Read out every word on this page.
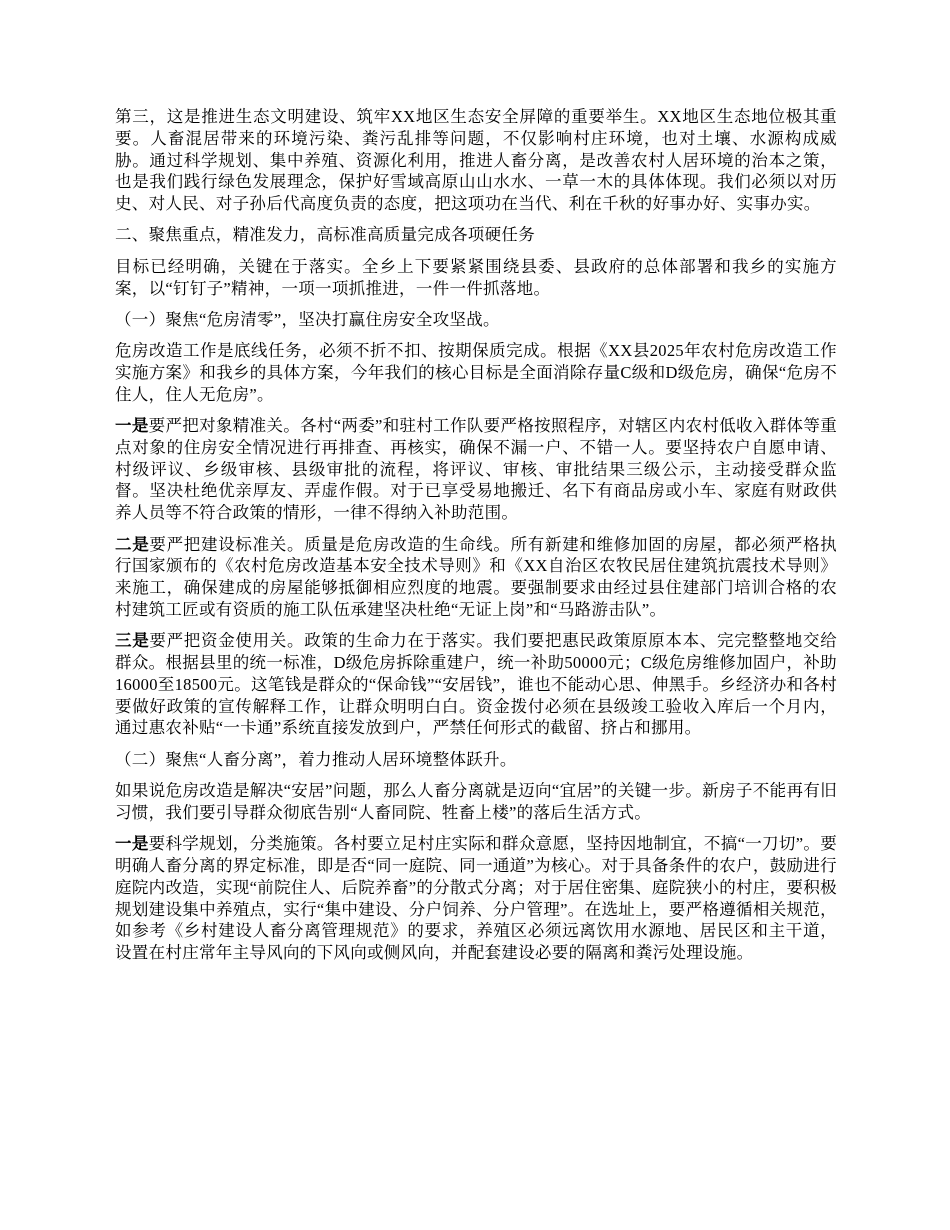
第三，这是推进生态文明建设、筑牢XX地区生态安全屏障的重要举生。XX地区生态地位极其重要。人畜混居带来的环境污染、粪污乱排等问题，不仅影响村庄环境，也对土壤、水源构成威胁。通过科学规划、集中养殖、资源化利用，推进人畜分离，是改善农村人居环境的治本之策，也是我们践行绿色发展理念，保护好雪域高原山山水水、一草一木的具体体现。我们必须以对历史、对人民、对子孙后代高度负责的态度，把这项功在当代、利在千秋的好事办好、实事办实。

二、聚焦重点，精准发力，高标准高质量完成各项硬任务

目标已经明确，关键在于落实。全乡上下要紧紧围绕县委、县政府的总体部署和我乡的实施方案，以“钉钉子”精神，一项一项抓推进，一件一件抓落地。

（一）聚焦“危房清零”，坚决打赢住房安全攻坚战。

危房改造工作是底线任务，必须不折不扣、按期保质完成。根据《XX县2025年农村危房改造工作实施方案》和我乡的具体方案，今年我们的核心目标是全面消除存量C级和D级危房，确保“危房不住人，住人无危房”。

一是要严把对象精准关。各村“两委”和驻村工作队要严格按照程序，对辖区内农村低收入群体等重点对象的住房安全情况进行再排查、再核实，确保不漏一户、不错一人。要坚持农户自愿申请、村级评议、乡级审核、县级审批的流程，将评议、审核、审批结果三级公示，主动接受群众监督。坚决杜绝优亲厚友、弄虚作假。对于已享受易地搬迁、名下有商品房或小车、家庭有财政供养人员等不符合政策的情形，一律不得纳入补助范围。

二是要严把建设标准关。质量是危房改造的生命线。所有新建和维修加固的房屋，都必须严格执行国家颁布的《农村危房改造基本安全技术导则》和《XX自治区农牧民居住建筑抗震技术导则》来施工，确保建成的房屋能够抵御相应烈度的地震。要强制要求由经过县住建部门培训合格的农村建筑工匠或有资质的施工队伍承建坚决杜绝“无证上岗”和“马路游击队”。

三是要严把资金使用关。政策的生命力在于落实。我们要把惠民政策原原本本、完完整整地交给群众。根据县里的统一标准，D级危房拆除重建户，统一补助50000元；C级危房维修加固户，补助16000至18500元。这笔钱是群众的“保命钱”“安居钱”，谁也不能动心思、伸黑手。乡经济办和各村要做好政策的宣传解释工作，让群众明明白白。资金拨付必须在县级竣工验收入库后一个月内，通过惠农补贴“一卡通”系统直接发放到户，严禁任何形式的截留、挤占和挪用。

（二）聚焦“人畜分离”，着力推动人居环境整体跃升。

如果说危房改造是解决“安居”问题，那么人畜分离就是迈向“宜居”的关键一步。新房子不能再有旧习惯，我们要引导群众彻底告别“人畜同院、牲畜上楼”的落后生活方式。

一是要科学规划，分类施策。各村要立足村庄实际和群众意愿，坚持因地制宜，不搞“一刀切”。要明确人畜分离的界定标准，即是否“同一庭院、同一通道”为核心。对于具备条件的农户，鼓励进行庭院内改造，实现“前院住人、后院养畜”的分散式分离；对于居住密集、庭院狭小的村庄，要积极规划建设集中养殖点，实行“集中建设、分户饲养、分户管理”。在选址上，要严格遵循相关规范，如参考《乡村建设人畜分离管理规范》的要求，养殖区必须远离饮用水源地、居民区和主干道，设置在村庄常年主导风向的下风向或侧风向，并配套建设必要的隔离和粪污处理设施。
